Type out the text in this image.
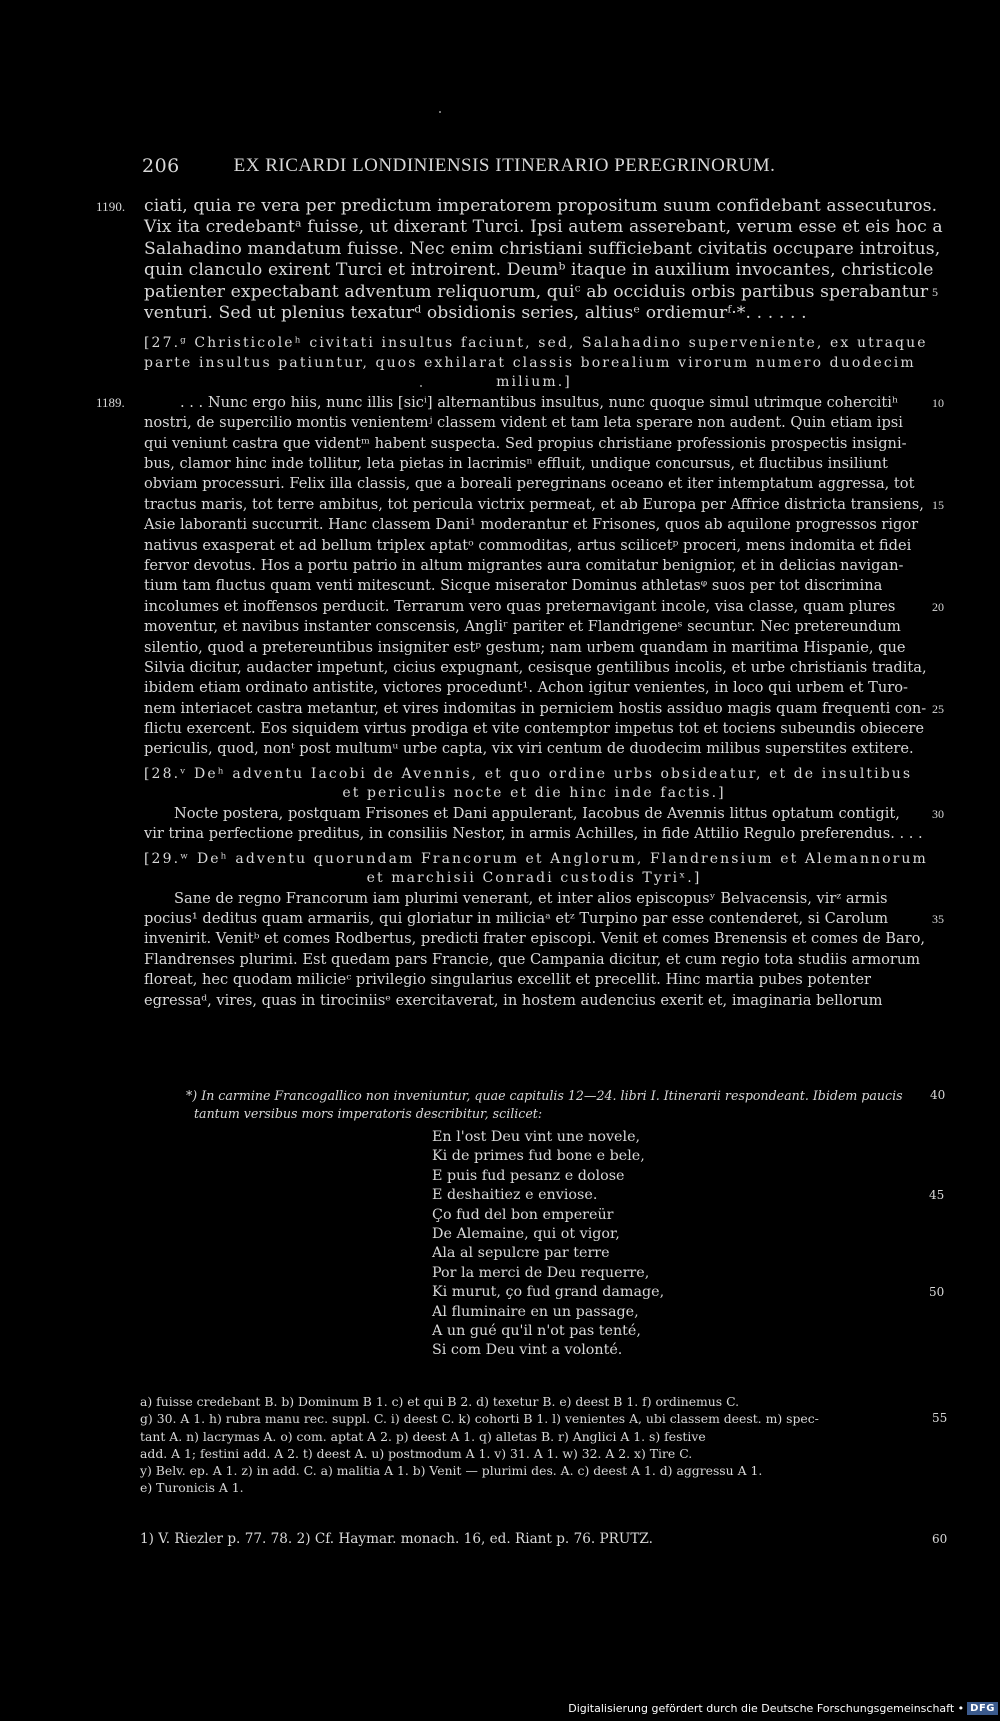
206	EX RICARDI LONDINIENSIS ITINERARIO PEREGRINORUM.
1190. ciati, quia re vera per predictum imperatorem propositum suum confidebant assecuturos.
Vix ita credebantᵃ fuisse, ut dixerant Turci. Ipsi autem asserebant, verum esse et eis hoc a
Salahadino mandatum fuisse. Nec enim christiani sufficiebant civitatis occupare introitus,
quin clanculo exirent Turci et introirent. Deumᵇ itaque in auxilium invocantes, christicole
patienter expectabant adventum reliquorum, quiᶜ ab occiduis orbis partibus sperabantur 5
venturi. Sed ut plenius texaturᵈ obsidionis series, altiusᵉ ordiemurᶠ·*. . . . . .
[27.ᵍ Christicoleʰ civitati insultus faciunt, sed, Salahadino superveniente, ex utraque
parte insultus patiuntur, quos exhilarat classis borealium virorum numero duodecim
milium.]
1189.	. . . Nunc ergo hiis, nunc illis [sicⁱ] alternantibus insultus, nunc quoque simul utrimque cohercitiʰ	10
nostri, de supercilio montis venientemʲ classem vident et tam leta sperare non audent. Quin etiam ipsi
qui veniunt castra que videntᵐ habent suspecta. Sed propius christiane professionis prospectis insigni-
bus, clamor hinc inde tollitur, leta pietas in lacrimisⁿ effluit, undique concursus, et fluctibus insiliunt
obviam processuri. Felix illa classis, que a boreali peregrinans oceano et iter intemptatum aggressa, tot
tractus maris, tot terre ambitus, tot pericula victrix permeat, et ab Europa per Affrice districta transiens, 15
Asie laboranti succurrit. Hanc classem Dani¹ moderantur et Frisones, quos ab aquilone progressos rigor
nativus exasperat et ad bellum triplex aptatᵒ commoditas, artus scilicetᵖ proceri, mens indomita et fidei
fervor devotus. Hos a portu patrio in altum migrantes aura comitatur benignior, et in delicias navigan-
tium tam fluctus quam venti mitescunt. Sicque miserator Dominus athletasᵠ suos per tot discrimina
incolumes et inoffensos perducit. Terrarum vero quas preternavigant incole, visa classe, quam plures	20
moventur, et navibus instanter conscensis, Angliʳ pariter et Flandrigeneˢ secuntur. Nec pretereundum
silentio, quod a pretereuntibus insigniter estᵖ gestum; nam urbem quandam in maritima Hispanie, que
Silvia dicitur, audacter impetunt, cicius expugnant, cesisque gentilibus incolis, et urbe christianis tradita,
ibidem etiam ordinato antistite, victores procedunt¹. Achon igitur venientes, in loco qui urbem et Turo-
nem interiacet castra metantur, et vires indomitas in perniciem hostis assiduo magis quam frequenti con- 25
flictu exercent. Eos siquidem virtus prodiga et vite contemptor impetus tot et tociens subeundis obiecere
periculis, quod, nonᵗ post multumᵘ urbe capta, vix viri centum de duodecim milibus superstites extitere.
[28.ᵛ Deʰ adventu Iacobi de Avennis, et quo ordine urbs obsideatur, et de insultibus
et periculis nocte et die hinc inde factis.]
Nocte postera, postquam Frisones et Dani appulerant, Iacobus de Avennis littus optatum contigit,	30
vir trina perfectione preditus, in consiliis Nestor, in armis Achilles, in fide Attilio Regulo preferendus. . . .
[29.ʷ Deʰ adventu quorundam Francorum et Anglorum, Flandrensium et Alemannorum
et marchisii Conradi custodis Tyriˣ.]
Sane de regno Francorum iam plurimi venerant, et inter alios episcopusʸ Belvacensis, virᶻ armis
pocius¹ deditus quam armariis, qui gloriatur in miliciaᵃ etᶻ Turpino par esse contenderet, si Carolum	35
invenirit. Venitᵇ et comes Rodbertus, predicti frater episcopi. Venit et comes Brenensis et comes de Baro,
Flandrenses plurimi. Est quedam pars Francie, que Campania dicitur, et cum regio tota studiis armorum
floreat, hec quodam milicieᶜ privilegio singularius excellit et precellit. Hinc martia pubes potenter
egressaᵈ, vires, quas in tirociniisᵉ exercitaverat, in hostem audencius exerit et, imaginaria bellorum
*) In carmine Francogallico non inveniuntur, quae capitulis 12—24. libri I. Itinerarii respondeant. Ibidem paucis 40
tantum versibus mors imperatoris describitur, scilicet:
En l'ost Deu vint une novele,
Ki de primes fud bone e bele,
E puis fud pesanz e dolose
E deshaitiez e enviose.	45
Ço fud del bon empereür
De Alemaine, qui ot vigor,
Ala al sepulcre par terre
Por la merci de Deu requerre,
Ki murut, ço fud grand damage,	50
Al fluminaire en un passage,
A un gué qu'il n'ot pas tenté,
Si com Deu vint a volonté.
a) fuisse credebant B. b) Dominum B 1. c) et qui B 2. d) texetur B. e) deest B 1. f) ordinemus C.
g) 30. A 1. h) rubra manu rec. suppl. C. i) deest C. k) cohorti B 1. l) venientes A, ubi classem deest. m) spec-	55
tant A. n) lacrymas A. o) com. aptat A 2. p) deest A 1. q) alletas B. r) Anglici A 1. s) festive
add. A 1; festini add. A 2. t) deest A. u) postmodum A 1. v) 31. A 1. w) 32. A 2. x) Tire C.
y) Belv. ep. A 1. z) in add. C. a) malitia A 1. b) Venit — plurimi des. A. c) deest A 1. d) aggressu A 1.
e) Turonicis A 1.
1) V. Riezler p. 77. 78. 2) Cf. Haymar. monach. 16, ed. Riant p. 76. PRUTZ.	60
Digitalisierung gefördert durch die Deutsche Forschungsgemeinschaft • DFG
